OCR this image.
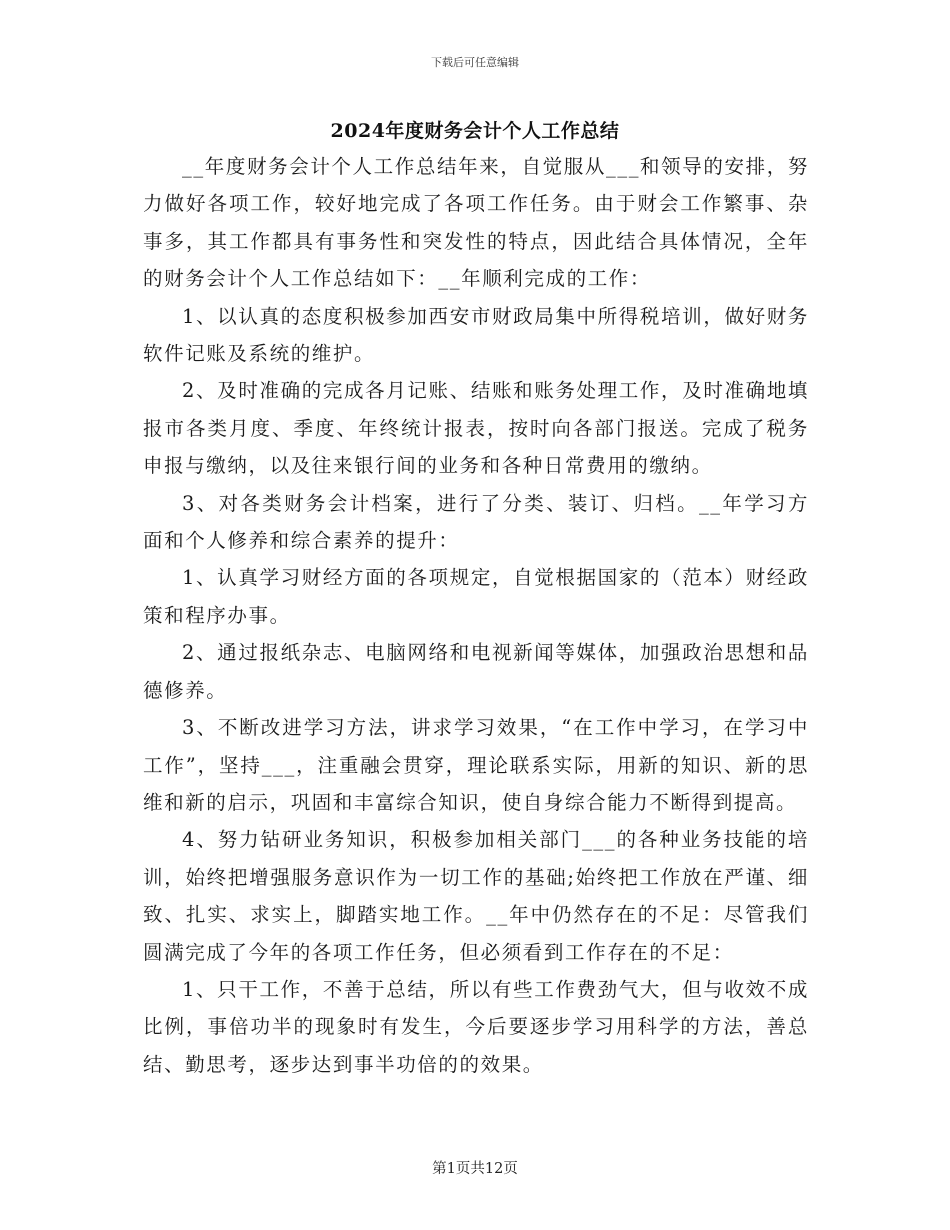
下载后可任意编辑
2024年度财务会计个人工作总结

__年度财务会计个人工作总结年来，自觉服从___和领导的安排，努力做好各项工作，较好地完成了各项工作任务。由于财会工作繁事、杂事多，其工作都具有事务性和突发性的特点，因此结合具体情况，全年的财务会计个人工作总结如下：__年顺利完成的工作：

1、以认真的态度积极参加西安市财政局集中所得税培训，做好财务软件记账及系统的维护。

2、及时准确的完成各月记账、结账和账务处理工作，及时准确地填报市各类月度、季度、年终统计报表，按时向各部门报送。完成了税务申报与缴纳，以及往来银行间的业务和各种日常费用的缴纳。

3、对各类财务会计档案，进行了分类、装订、归档。__年学习方面和个人修养和综合素养的提升：

1、认真学习财经方面的各项规定，自觉根据国家的（范本）财经政策和程序办事。

2、通过报纸杂志、电脑网络和电视新闻等媒体，加强政治思想和品德修养。

3、不断改进学习方法，讲求学习效果，“在工作中学习，在学习中工作”，坚持___，注重融会贯穿，理论联系实际，用新的知识、新的思维和新的启示，巩固和丰富综合知识，使自身综合能力不断得到提高。

4、努力钻研业务知识，积极参加相关部门___的各种业务技能的培训，始终把增强服务意识作为一切工作的基础;始终把工作放在严谨、细致、扎实、求实上，脚踏实地工作。__年中仍然存在的不足：尽管我们圆满完成了今年的各项工作任务，但必须看到工作存在的不足：

1、只干工作，不善于总结，所以有些工作费劲气大，但与收效不成比例，事倍功半的现象时有发生，今后要逐步学习用科学的方法，善总结、勤思考，逐步达到事半功倍的的效果。

第1页共12页
